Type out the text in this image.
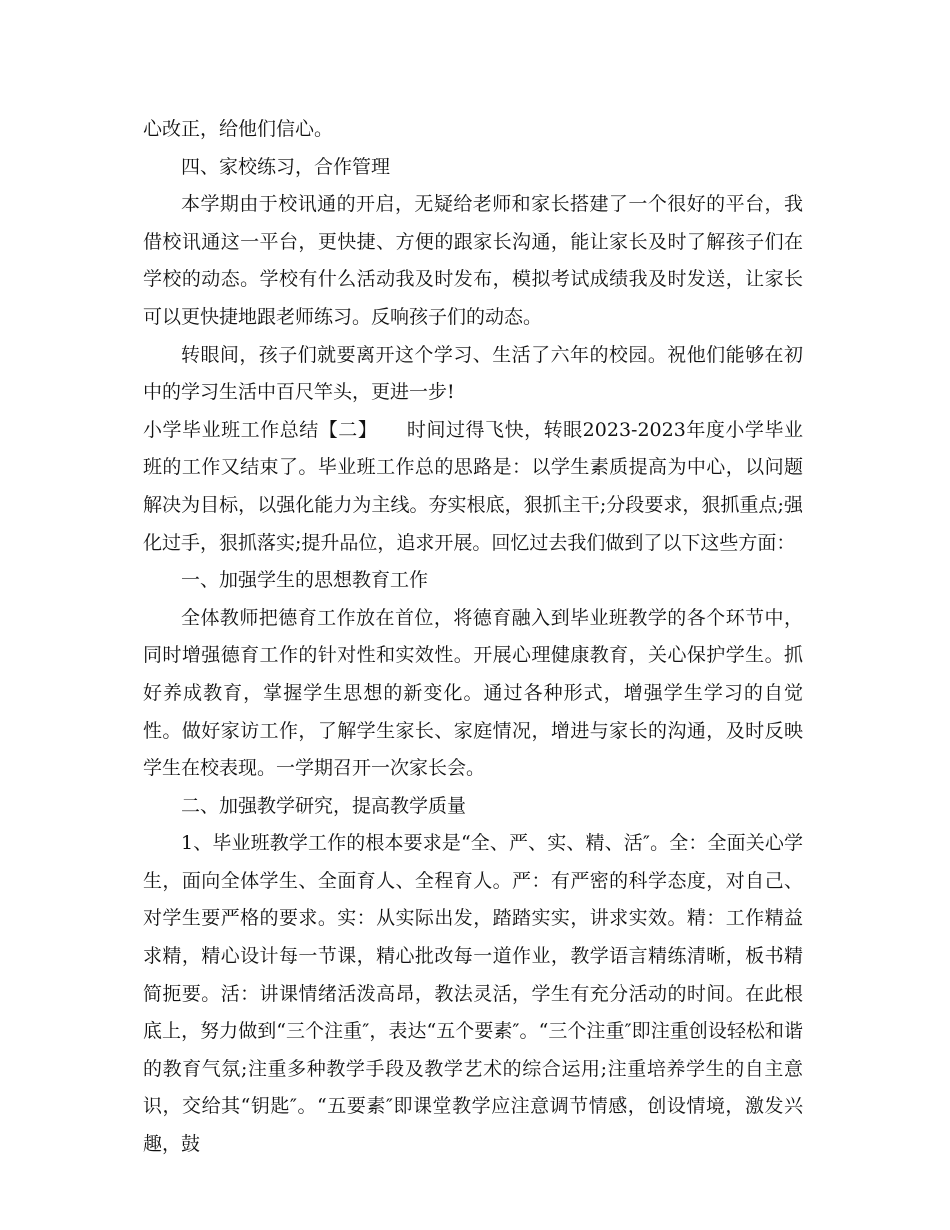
心改正，给他们信心。

四、家校练习，合作管理

本学期由于校讯通的开启，无疑给老师和家长搭建了一个很好的平台，我借校讯通这一平台，更快捷、方便的跟家长沟通，能让家长及时了解孩子们在学校的动态。学校有什么活动我及时发布，模拟考试成绩我及时发送，让家长可以更快捷地跟老师练习。反响孩子们的动态。

转眼间，孩子们就要离开这个学习、生活了六年的校园。祝他们能够在初中的学习生活中百尺竿头，更进一步!

小学毕业班工作总结【二】　　时间过得飞快，转眼2023-2023年度小学毕业班的工作又结束了。毕业班工作总的思路是：以学生素质提高为中心，以问题解决为目标，以强化能力为主线。夯实根底，狠抓主干;分段要求，狠抓重点;强化过手，狠抓落实;提升品位，追求开展。回忆过去我们做到了以下这些方面：

一、加强学生的思想教育工作

全体教师把德育工作放在首位，将德育融入到毕业班教学的各个环节中，同时增强德育工作的针对性和实效性。开展心理健康教育，关心保护学生。抓好养成教育，掌握学生思想的新变化。通过各种形式，增强学生学习的自觉性。做好家访工作，了解学生家长、家庭情况，增进与家长的沟通，及时反映学生在校表现。一学期召开一次家长会。

二、加强教学研究，提高教学质量

1、毕业班教学工作的根本要求是“全、严、实、精、活″。全：全面关心学生，面向全体学生、全面育人、全程育人。严：有严密的科学态度，对自己、对学生要严格的要求。实：从实际出发，踏踏实实，讲求实效。精：工作精益求精，精心设计每一节课，精心批改每一道作业，教学语言精练清晰，板书精简扼要。活：讲课情绪活泼高昂，教法灵活，学生有充分活动的时间。在此根底上，努力做到“三个注重″，表达“五个要素″。“三个注重″即注重创设轻松和谐的教育气氛;注重多种教学手段及教学艺术的综合运用;注重培养学生的自主意识，交给其“钥匙″。“五要素″即课堂教学应注意调节情感，创设情境，激发兴趣，鼓
